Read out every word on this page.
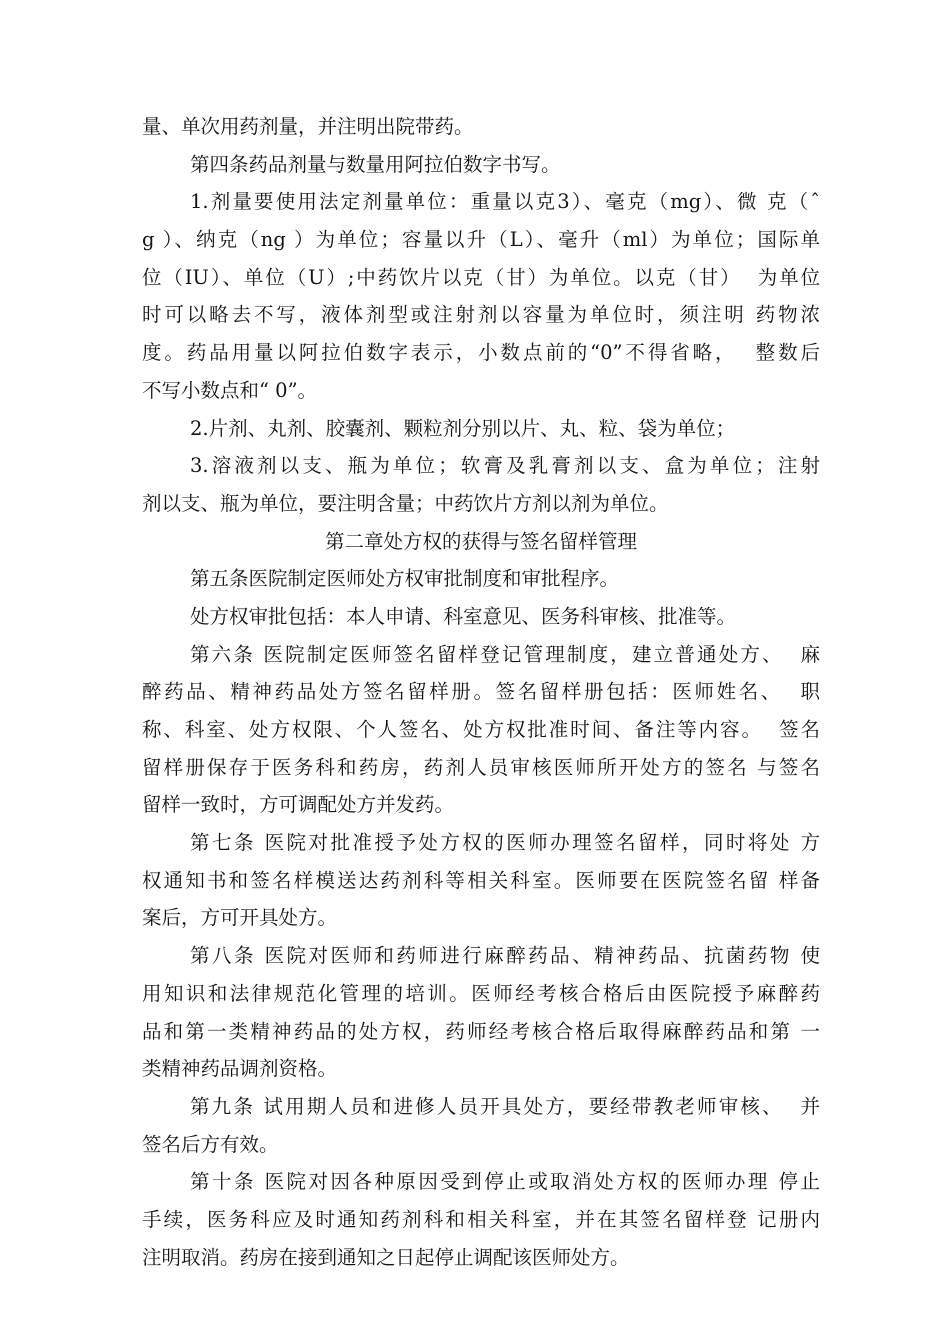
量、单次用药剂量，并注明出院带药。
第四条药品剂量与数量用阿拉伯数字书写。
1.剂量要使用法定剂量单位：重量以克3）、毫克（mg）、微 克（ˆ
g ）、纳克（ng ）为单位；容量以升（L）、毫升（ml）为单位；国际单
位（IU）、单位（U）;中药饮片以克（甘）为单位。以克（甘）  为单位
时可以略去不写，液体剂型或注射剂以容量为单位时，须注明 药物浓
度。药品用量以阿拉伯数字表示，小数点前的“0”不得省略，  整数后
不写小数点和“ 0”。
2.片剂、丸剂、胶囊剂、颗粒剂分别以片、丸、粒、袋为单位；
3.溶液剂以支、瓶为单位；软膏及乳膏剂以支、盒为单位；注射
剂以支、瓶为单位，要注明含量；中药饮片方剂以剂为单位。
第二章处方权的获得与签名留样管理
第五条医院制定医师处方权审批制度和审批程序。
处方权审批包括：本人申请、科室意见、医务科审核、批准等。
第六条 医院制定医师签名留样登记管理制度，建立普通处方、  麻
醉药品、精神药品处方签名留样册。签名留样册包括：医师姓名、  职
称、科室、处方权限、个人签名、处方权批准时间、备注等内容。  签名
留样册保存于医务科和药房，药剂人员审核医师所开处方的签名 与签名
留样一致时，方可调配处方并发药。
第七条 医院对批准授予处方权的医师办理签名留样，同时将处 方
权通知书和签名样模送达药剂科等相关科室。医师要在医院签名留 样备
案后，方可开具处方。
第八条 医院对医师和药师进行麻醉药品、精神药品、抗菌药物 使
用知识和法律规范化管理的培训。医师经考核合格后由医院授予麻醉药
品和第一类精神药品的处方权，药师经考核合格后取得麻醉药品和第 一
类精神药品调剂资格。
第九条 试用期人员和进修人员开具处方，要经带教老师审核、  并
签名后方有效。
第十条 医院对因各种原因受到停止或取消处方权的医师办理 停止
手续，医务科应及时通知药剂科和相关科室，并在其签名留样登 记册内
注明取消。药房在接到通知之日起停止调配该医师处方。
